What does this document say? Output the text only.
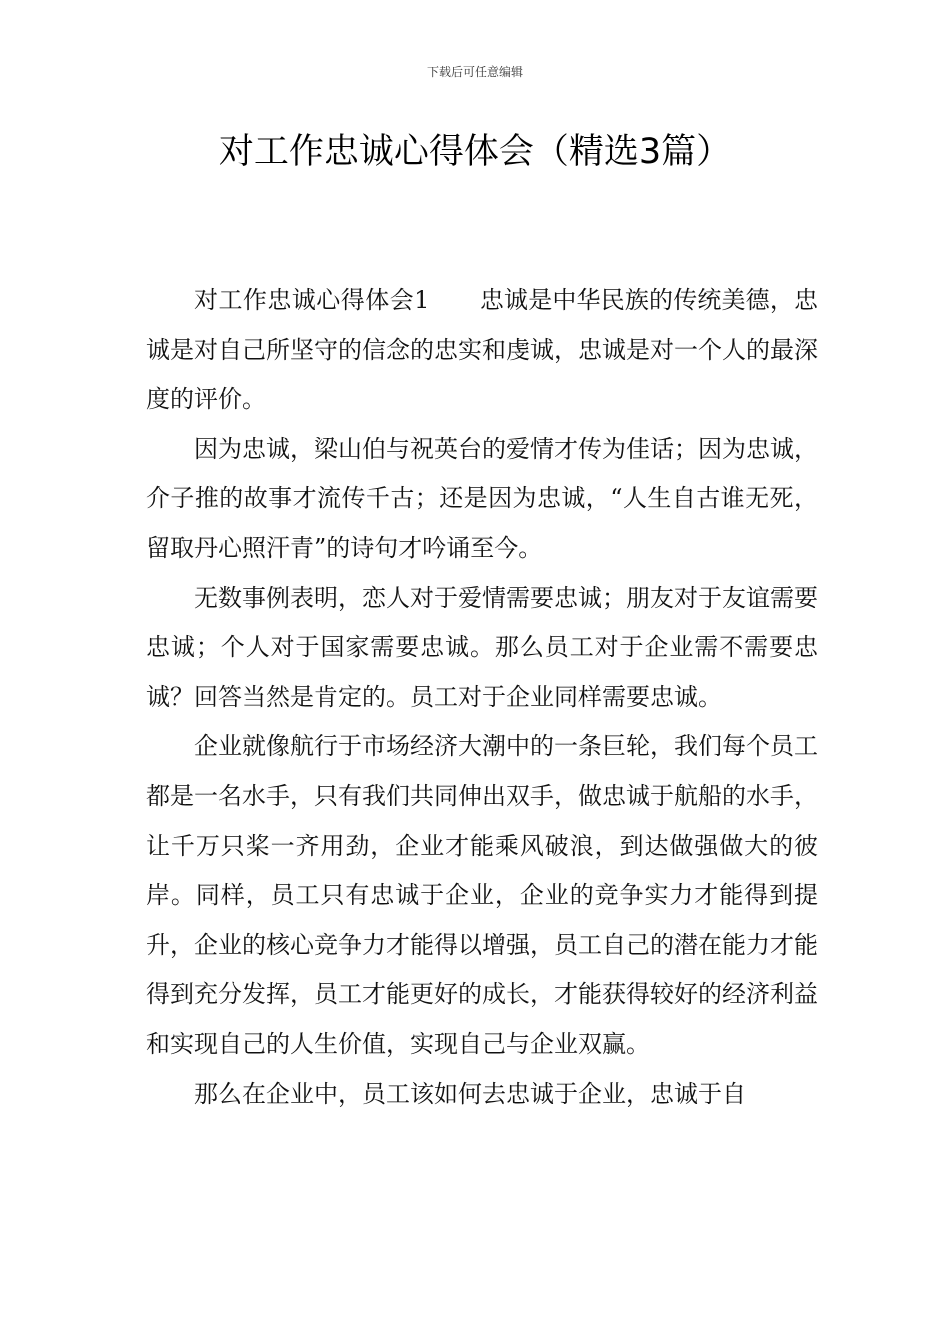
下载后可任意编辑
对工作忠诚心得体会（精选3篇）

对工作忠诚心得体会1 忠诚是中华民族的传统美德，忠诚是对自己所坚守的信念的忠实和虔诚，忠诚是对一个人的最深度的评价。

因为忠诚，梁山伯与祝英台的爱情才传为佳话；因为忠诚，介子推的故事才流传千古；还是因为忠诚，“人生自古谁无死，留取丹心照汗青”的诗句才吟诵至今。

无数事例表明，恋人对于爱情需要忠诚；朋友对于友谊需要忠诚；个人对于国家需要忠诚。那么员工对于企业需不需要忠诚？回答当然是肯定的。员工对于企业同样需要忠诚。

企业就像航行于市场经济大潮中的一条巨轮，我们每个员工都是一名水手，只有我们共同伸出双手，做忠诚于航船的水手，让千万只桨一齐用劲，企业才能乘风破浪，到达做强做大的彼岸。同样，员工只有忠诚于企业，企业的竞争实力才能得到提升，企业的核心竞争力才能得以增强，员工自己的潜在能力才能得到充分发挥，员工才能更好的成长，才能获得较好的经济利益和实现自己的人生价值，实现自己与企业双赢。

那么在企业中，员工该如何去忠诚于企业，忠诚于自
